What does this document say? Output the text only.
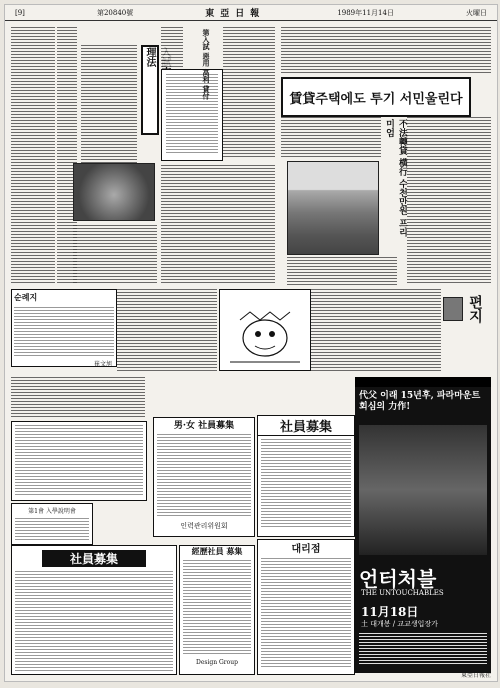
[9]	第20840號	東亞日報	1989年11月14日	火曜日
入試直前 理法	第入試 惡用 高利 貸付	賃貸주택에도 투기 서민울린다
不法轉貸 横行 수천만원 프리미엄
순례지
崔文旭
편지
男·女 社員募集
인력관리위원회
社員募集
代父 이래 15년후, 파라마운트 회심의 力作!
언터처블
THE UNTOUCHABLES
11月18日
土 대개봉 / 교교생입장가
第1會 入學說明會
社員募集
經歷社員 募集
Design Group
대리점
東亞日報社
